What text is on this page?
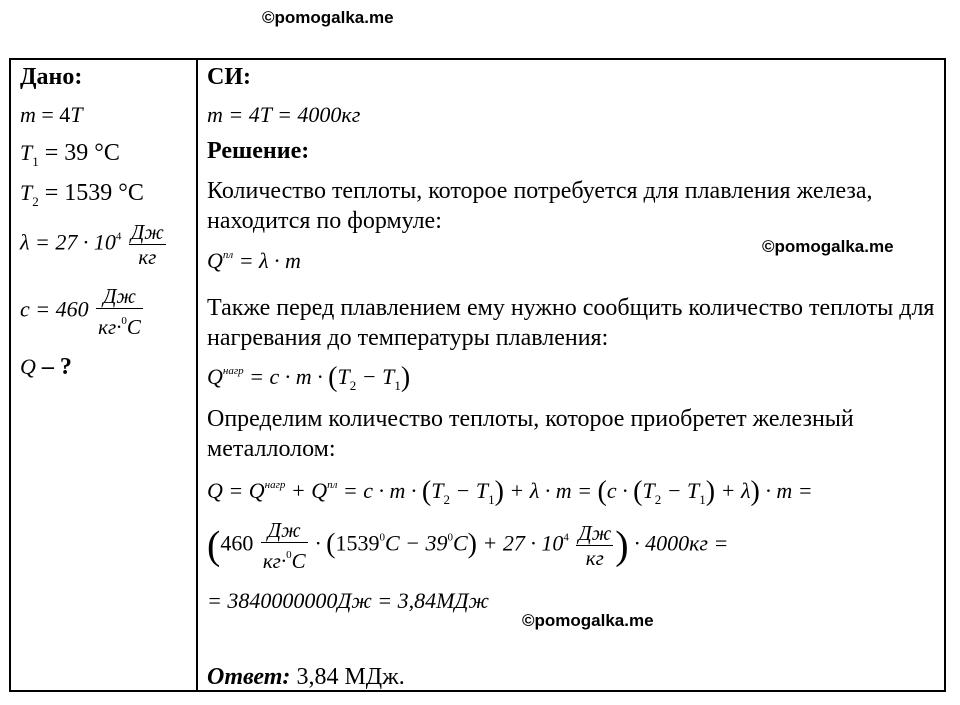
©pomogalka.me
Дано:
m = 4T
$T_1 = 39$ °C
$T_2 = 1539$ °C
$\lambda = 27 \cdot 10^4$ Дж
кг
c = 460
Дж
кг·$^0$C
Q – ?
СИ:
m = 4T = 4000кг
Решение:
Количество теплоты, которое потребуется для плавления железа, находится по формуле:
$Q^{пл} = \lambda \cdot m$
Также перед плавлением ему нужно сообщить количество теплоты для нагревания до температуры плавления:
$Q^{нагр} = c \cdot m \cdot (T_2 - T_1)$
Определим количество теплоты, которое приобретет железный металлолом:
$Q = Q^{нагр} + Q^{пл} = c \cdot m \cdot (T_2 - T_1) + \lambda \cdot m = (c \cdot (T_2 - T_1) + \lambda) \cdot m$ =
(460
Дж
кг·$^0$C
· $(1539^0C - 39^0C) + 27 \cdot 10^4$ Дж
кг ) · 4000кг =
= 3840000000Дж = 3,84МДж
Ответ: 3,84 МДж.
©pomogalka.me
©pomogalka.me
